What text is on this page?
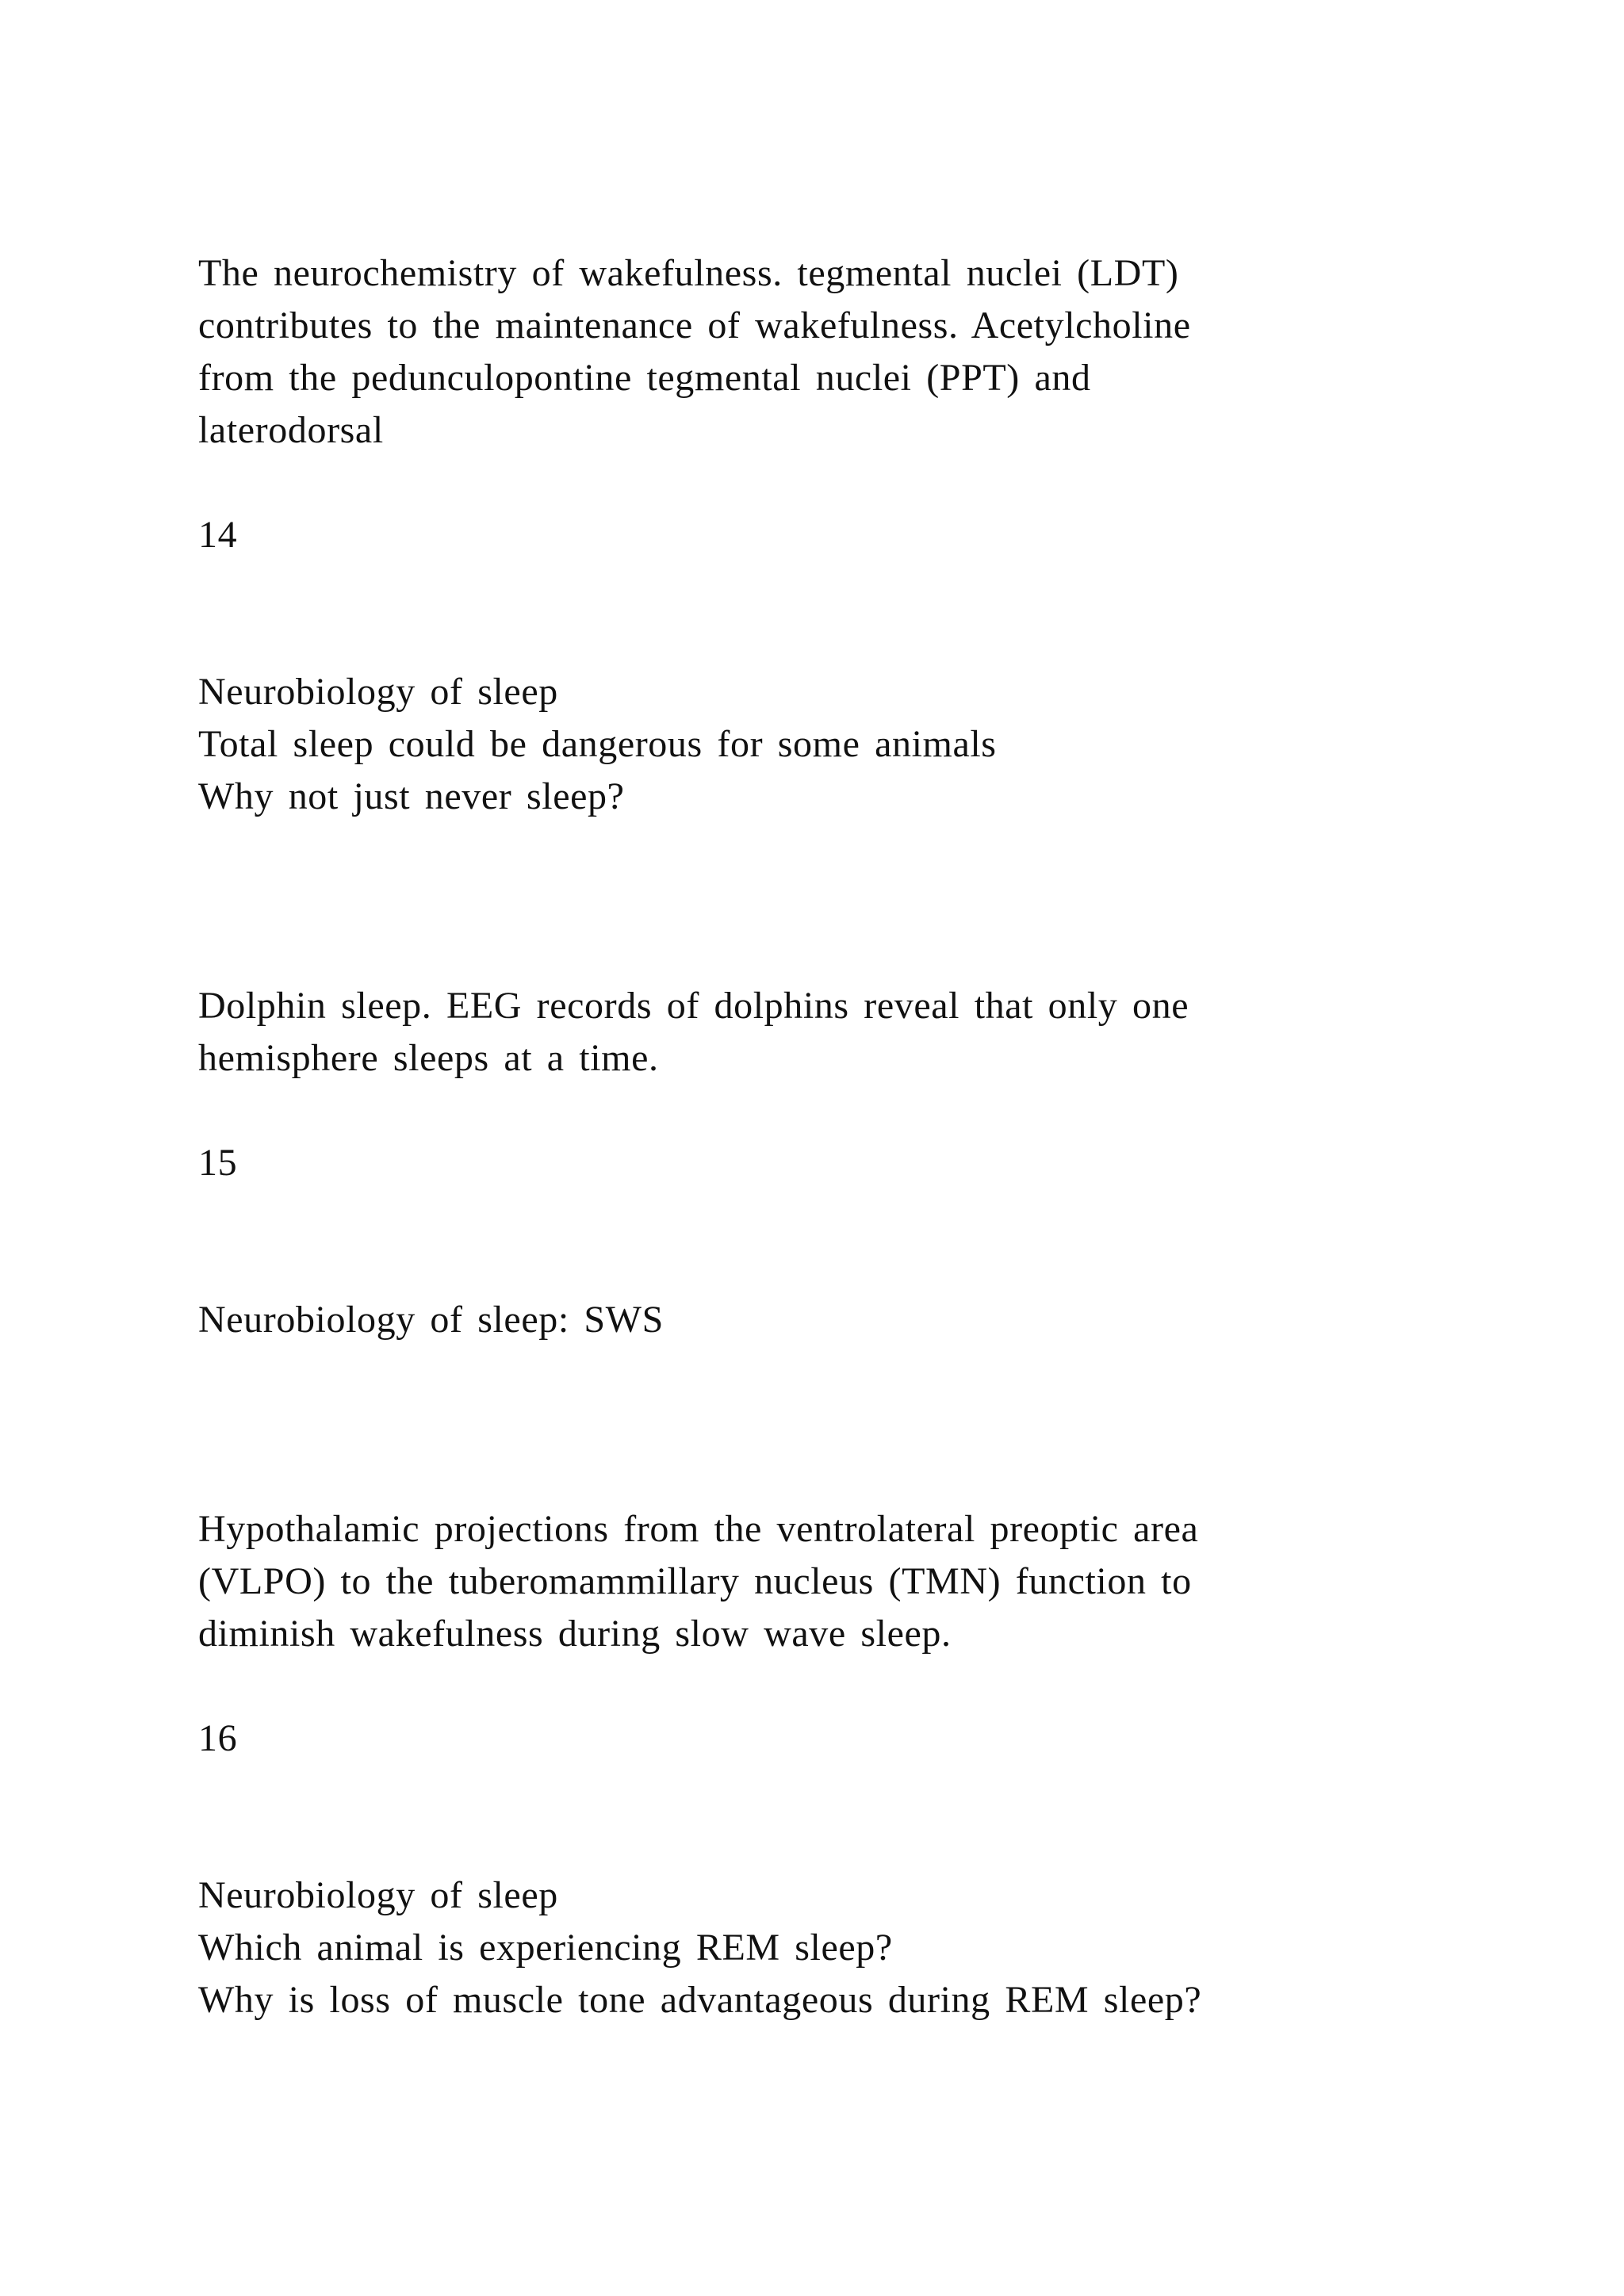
The neurochemistry of wakefulness. tegmental nuclei (LDT)

contributes to the maintenance of wakefulness. Acetylcholine

from the pedunculopontine tegmental nuclei (PPT) and

laterodorsal

14

Neurobiology of sleep

Total sleep could be dangerous for some animals

Why not just never sleep?

Dolphin sleep. EEG records of dolphins reveal that only one

hemisphere sleeps at a time.

15

Neurobiology of sleep: SWS

Hypothalamic projections from the ventrolateral preoptic area

(VLPO) to the tuberomammillary nucleus (TMN) function to

diminish wakefulness during slow wave sleep.

16

Neurobiology of sleep

Which animal is experiencing REM sleep?

Why is loss of muscle tone advantageous during REM sleep?
